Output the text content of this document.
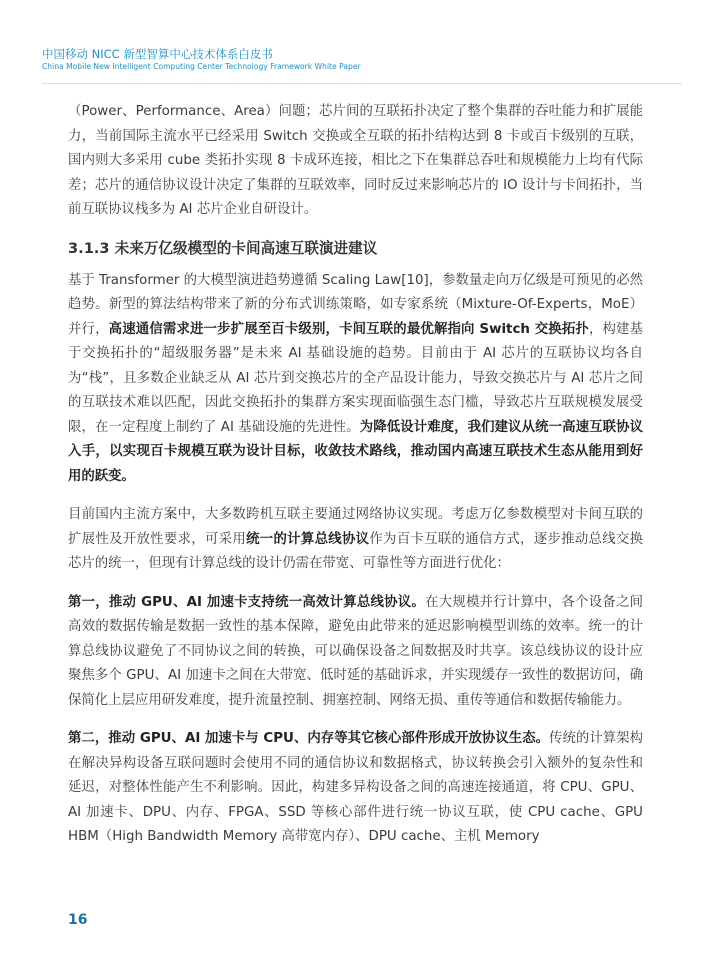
中国移动 NICC 新型智算中心技术体系白皮书
China Mobile New Intelligent Computing Center Technology Framework White Paper

（Power、Performance、Area）问题；芯片间的互联拓扑决定了整个集群的吞吐能力和扩展能力，当前国际主流水平已经采用 Switch 交换或全互联的拓扑结构达到 8 卡或百卡级别的互联，国内则大多采用 cube 类拓扑实现 8 卡成环连接，相比之下在集群总吞吐和规模能力上均有代际差；芯片的通信协议设计决定了集群的互联效率，同时反过来影响芯片的 IO 设计与卡间拓扑，当前互联协议栈多为 AI 芯片企业自研设计。

3.1.3 未来万亿级模型的卡间高速互联演进建议

基于 Transformer 的大模型演进趋势遵循 Scaling Law[10]，参数量走向万亿级是可预见的必然趋势。新型的算法结构带来了新的分布式训练策略，如专家系统（Mixture-Of-Experts，MoE）并行，高速通信需求进一步扩展至百卡级别，卡间互联的最优解指向 Switch 交换拓扑，构建基于交换拓扑的“超级服务器”是未来 AI 基础设施的趋势。目前由于 AI 芯片的互联协议均各自为“栈”，且多数企业缺乏从 AI 芯片到交换芯片的全产品设计能力，导致交换芯片与 AI 芯片之间的互联技术难以匹配，因此交换拓扑的集群方案实现面临强生态门槛，导致芯片互联规模发展受限，在一定程度上制约了 AI 基础设施的先进性。为降低设计难度，我们建议从统一高速互联协议入手，以实现百卡规模互联为设计目标，收敛技术路线，推动国内高速互联技术生态从能用到好用的跃变。

目前国内主流方案中，大多数跨机互联主要通过网络协议实现。考虑万亿参数模型对卡间互联的扩展性及开放性要求，可采用统一的计算总线协议作为百卡互联的通信方式，逐步推动总线交换芯片的统一，但现有计算总线的设计仍需在带宽、可靠性等方面进行优化：

第一，推动 GPU、AI 加速卡支持统一高效计算总线协议。在大规模并行计算中，各个设备之间高效的数据传输是数据一致性的基本保障，避免由此带来的延迟影响模型训练的效率。统一的计算总线协议避免了不同协议之间的转换，可以确保设备之间数据及时共享。该总线协议的设计应聚焦多个 GPU、AI 加速卡之间在大带宽、低时延的基础诉求，并实现缓存一致性的数据访问，确保简化上层应用研发难度，提升流量控制、拥塞控制、网络无损、重传等通信和数据传输能力。

第二，推动 GPU、AI 加速卡与 CPU、内存等其它核心部件形成开放协议生态。传统的计算架构在解决异构设备互联问题时会使用不同的通信协议和数据格式，协议转换会引入额外的复杂性和延迟，对整体性能产生不利影响。因此，构建多异构设备之间的高速连接通道，将 CPU、GPU、AI 加速卡、DPU、内存、FPGA、SSD 等核心部件进行统一协议互联，使 CPU cache、GPU HBM（High Bandwidth Memory 高带宽内存）、DPU cache、主机 Memory

16
